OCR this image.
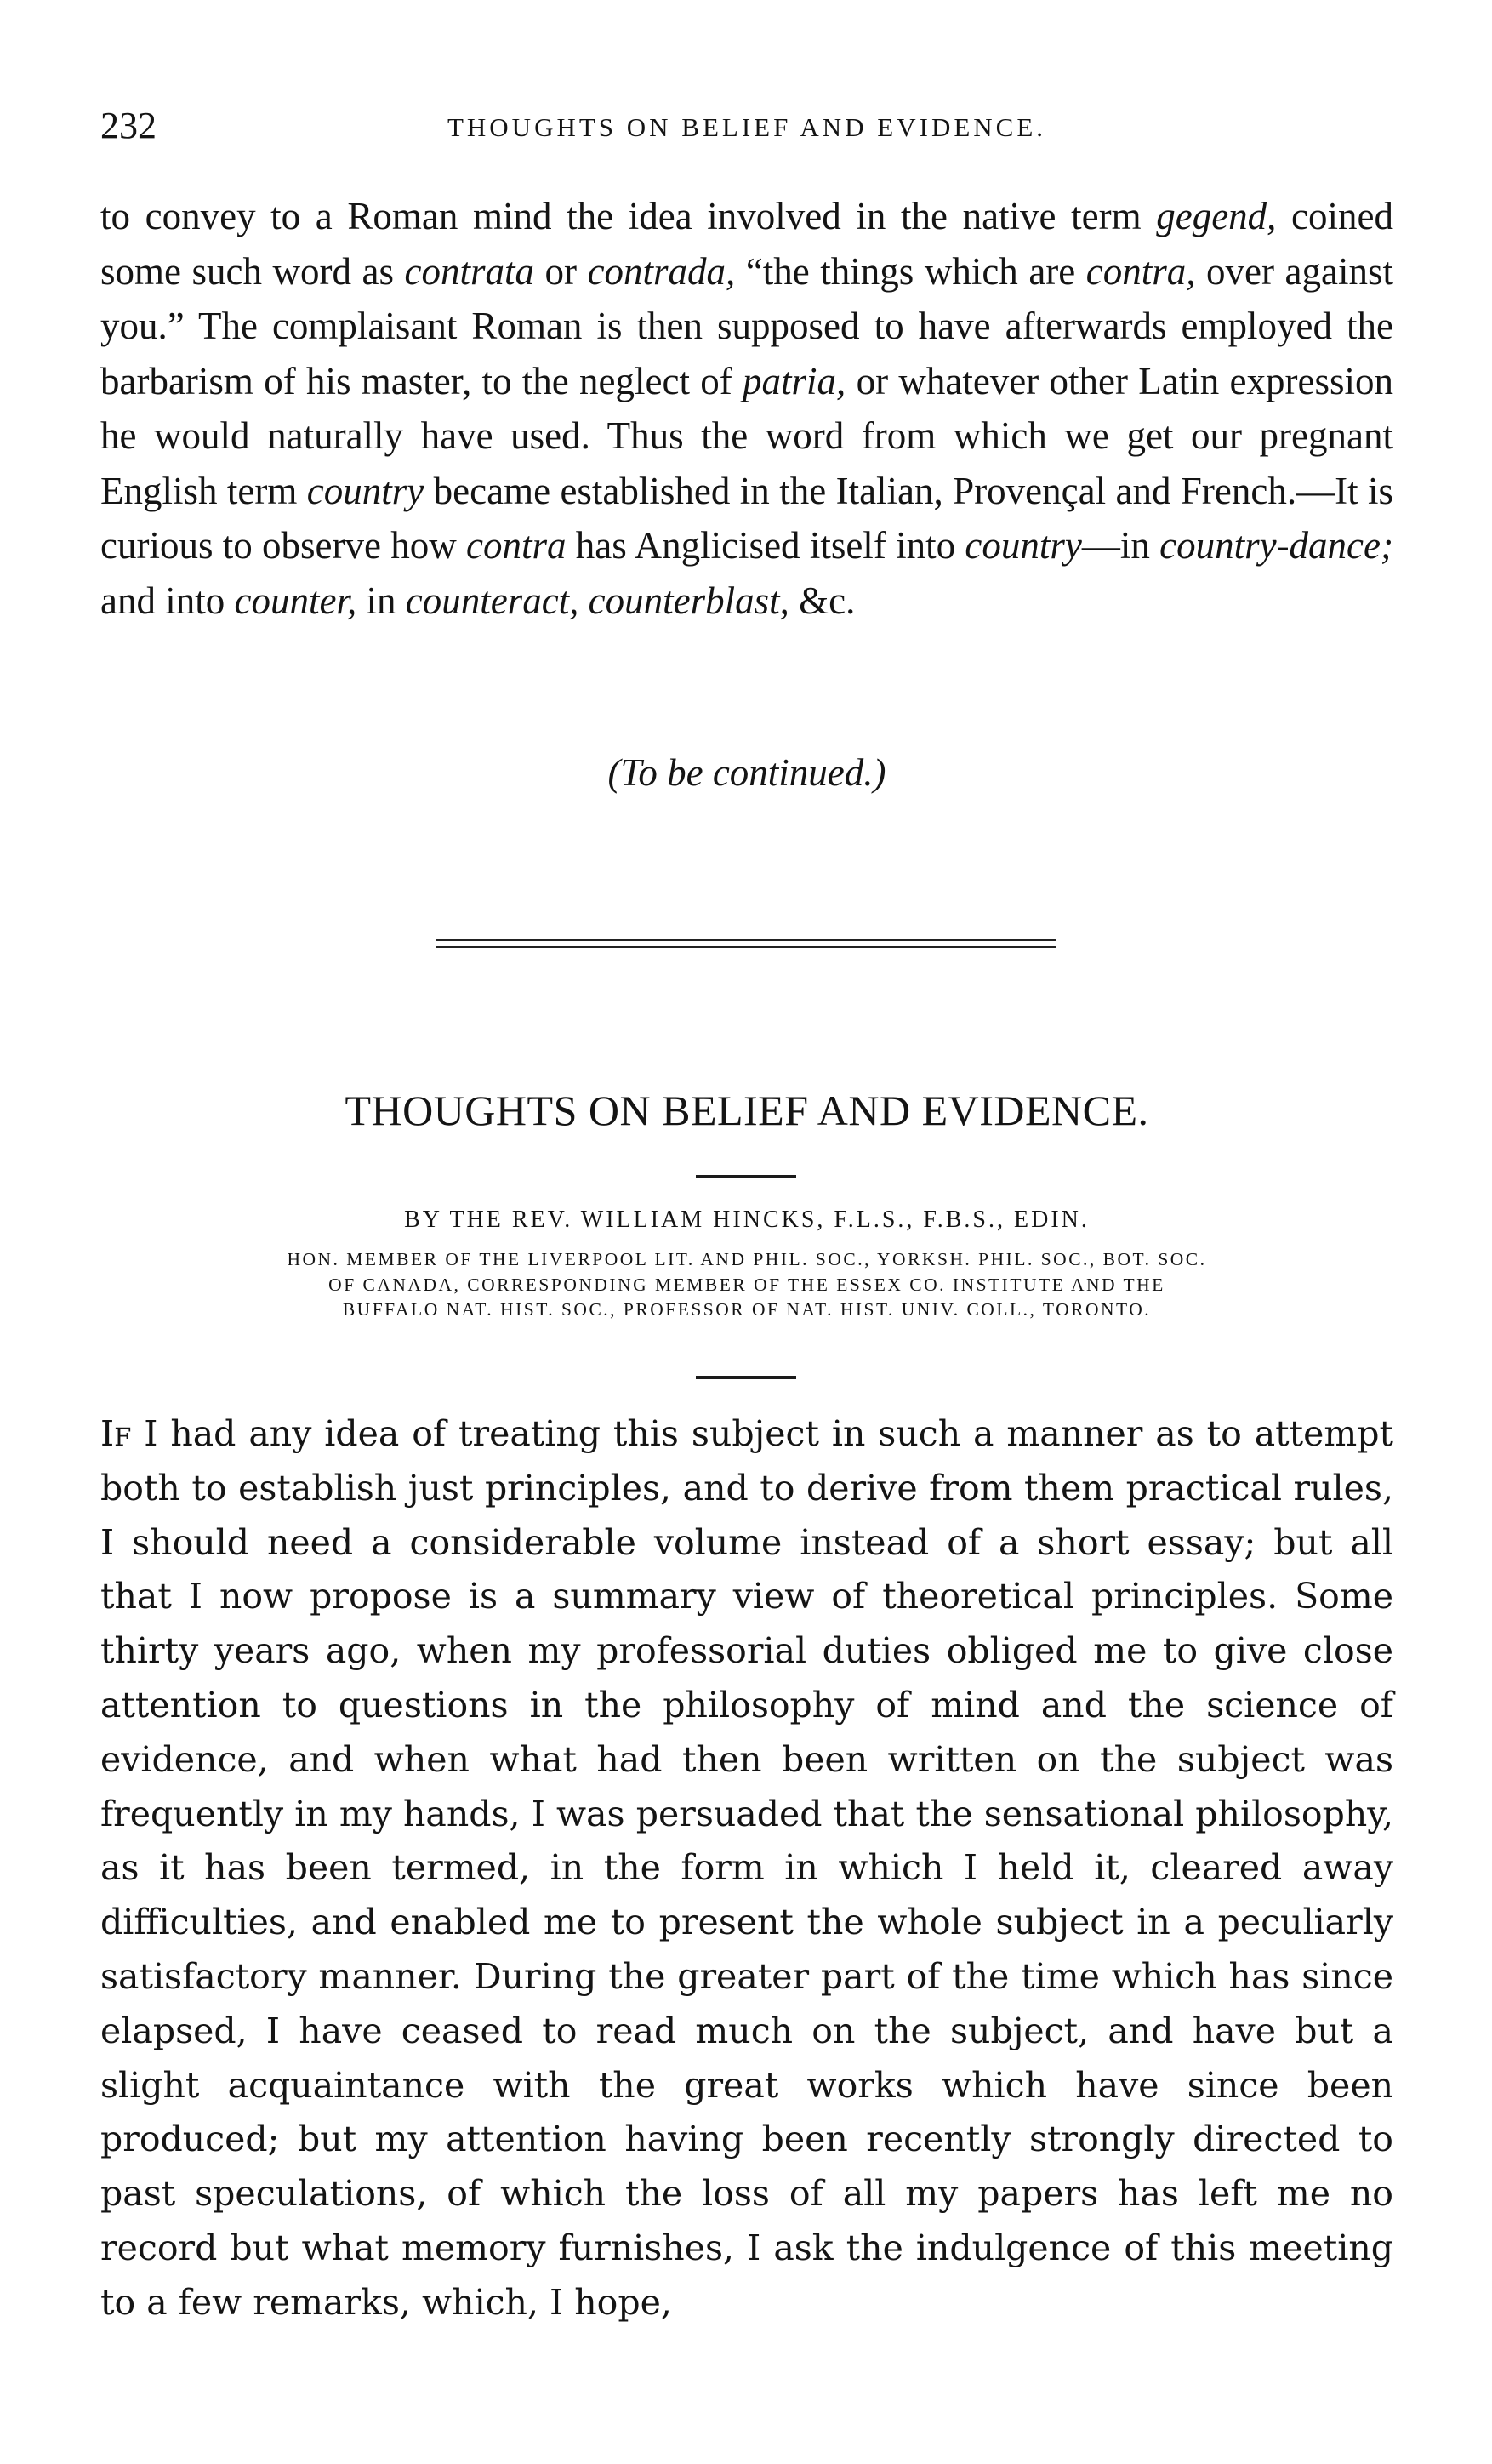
232	THOUGHTS ON BELIEF AND EVIDENCE.

to convey to a Roman mind the idea involved in the native term gegend, coined some such word as contrata or contrada, “the things which are contra, over against you.” The complaisant Roman is then supposed to have afterwards employed the barbarism of his master, to the neglect of patria, or whatever other Latin expression he would naturally have used. Thus the word from which we get our pregnant English term country became established in the Italian, Provençal and French.—It is curious to observe how contra has Anglicised itself into country—in country-dance; and into counter, in counteract, counterblast, &c.

(To be continued.)
THOUGHTS ON BELIEF AND EVIDENCE.
BY THE REV. WILLIAM HINCKS, F.L.S., F.B.S., EDIN.
HON. MEMBER OF THE LIVERPOOL LIT. AND PHIL. SOC., YORKSH. PHIL. SOC., BOT. SOC.
OF CANADA, CORRESPONDING MEMBER OF THE ESSEX CO. INSTITUTE AND THE
BUFFALO NAT. HIST. SOC., PROFESSOR OF NAT. HIST. UNIV. COLL., TORONTO.

If I had any idea of treating this subject in such a manner as to attempt both to establish just principles, and to derive from them practical rules, I should need a considerable volume instead of a short essay; but all that I now propose is a summary view of theoretical principles. Some thirty years ago, when my professorial duties obliged me to give close attention to questions in the philosophy of mind and the science of evidence, and when what had then been written on the subject was frequently in my hands, I was persuaded that the sensational philosophy, as it has been termed, in the form in which I held it, cleared away difficulties, and enabled me to present the whole subject in a peculiarly satisfactory manner. During the greater part of the time which has since elapsed, I have ceased to read much on the subject, and have but a slight acquaintance with the great works which have since been produced; but my attention having been recently strongly directed to past speculations, of which the loss of all my papers has left me no record but what memory furnishes, I ask the indulgence of this meeting to a few remarks, which, I hope,
